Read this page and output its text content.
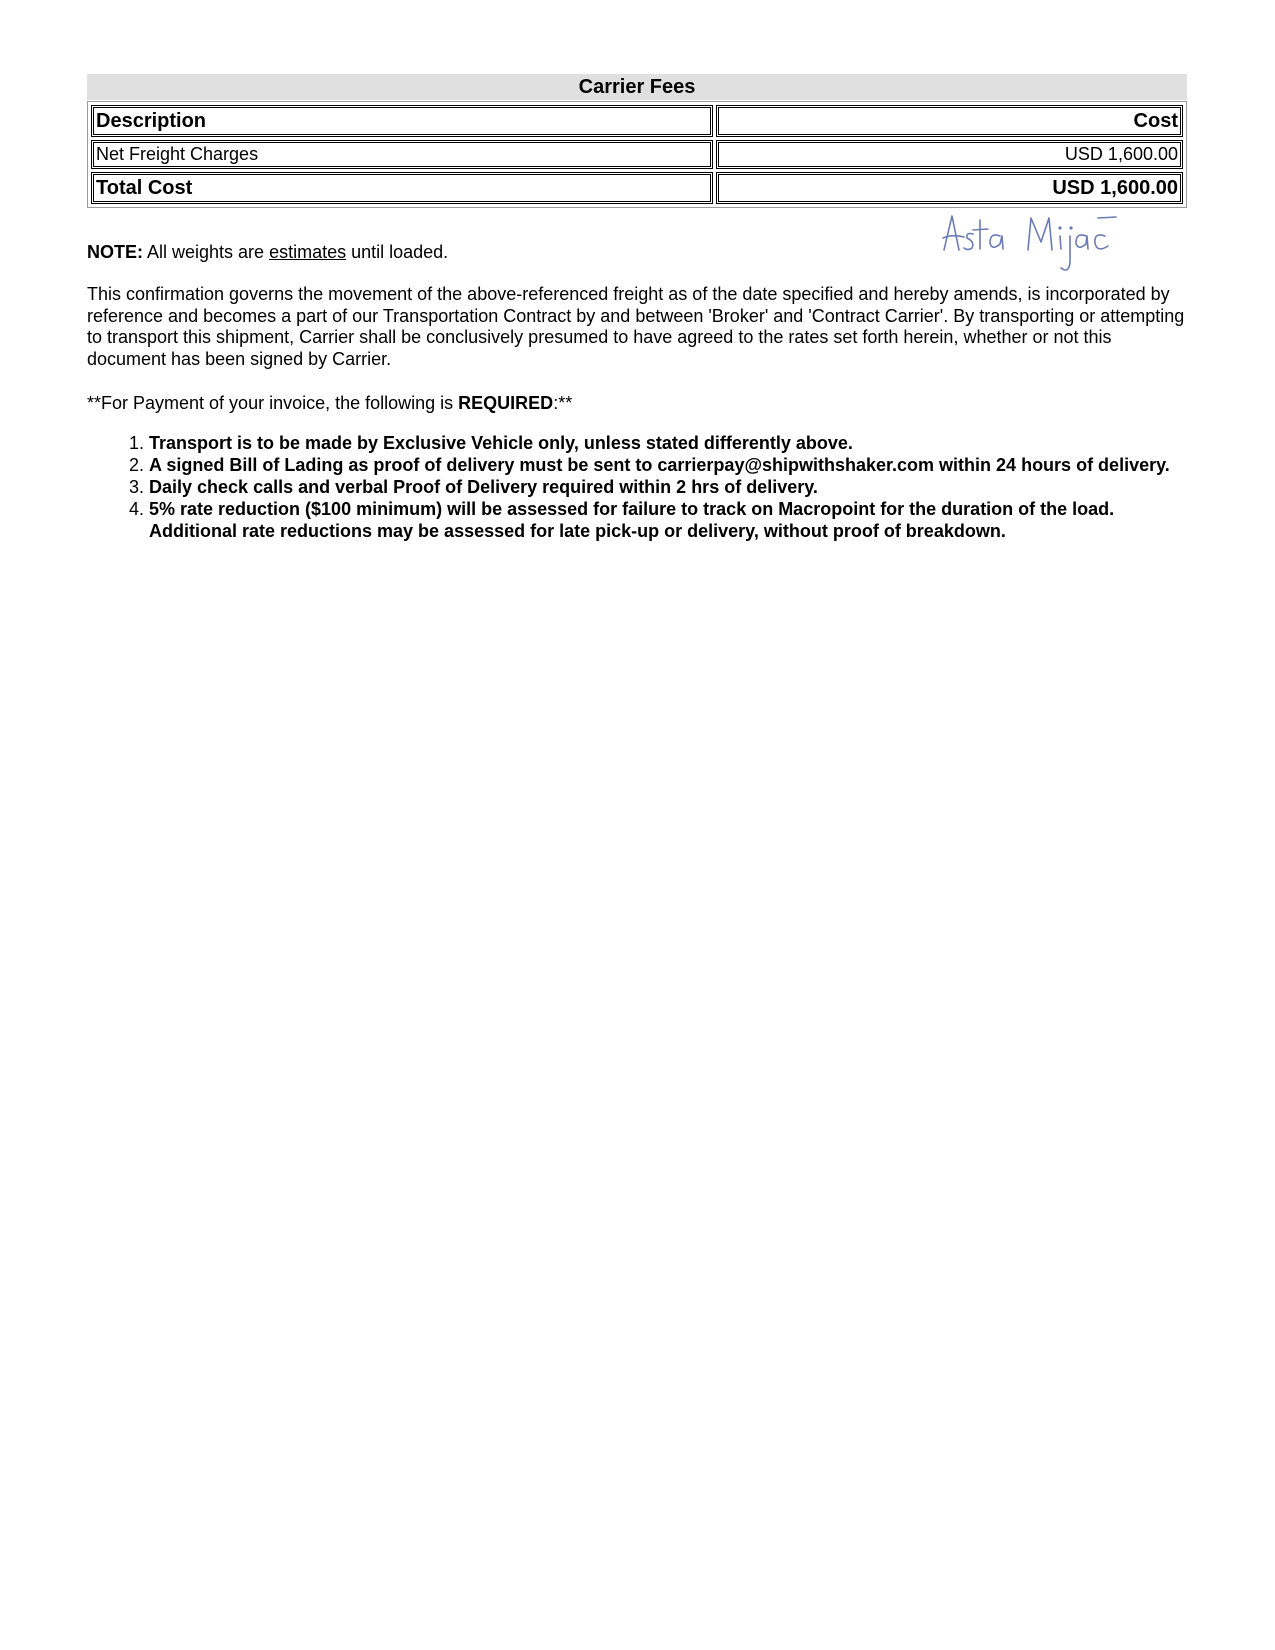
Carrier Fees
Description	Cost
Net Freight Charges	USD 1,600.00
Total Cost	USD 1,600.00
NOTE: All weights are estimates until loaded.
This confirmation governs the movement of the above-referenced freight as of the date specified and hereby amends, is incorporated by reference and becomes a part of our Transportation Contract by and between 'Broker' and 'Contract Carrier'. By transporting or attempting to transport this shipment, Carrier shall be conclusively presumed to have agreed to the rates set forth herein, whether or not this document has been signed by Carrier.
**For Payment of your invoice, the following is REQUIRED:**
1. Transport is to be made by Exclusive Vehicle only, unless stated differently above.
2. A signed Bill of Lading as proof of delivery must be sent to carrierpay@shipwithshaker.com within 24 hours of delivery.
3. Daily check calls and verbal Proof of Delivery required within 2 hrs of delivery.
4. 5% rate reduction ($100 minimum) will be assessed for failure to track on Macropoint for the duration of the load. Additional rate reductions may be assessed for late pick-up or delivery, without proof of breakdown.
